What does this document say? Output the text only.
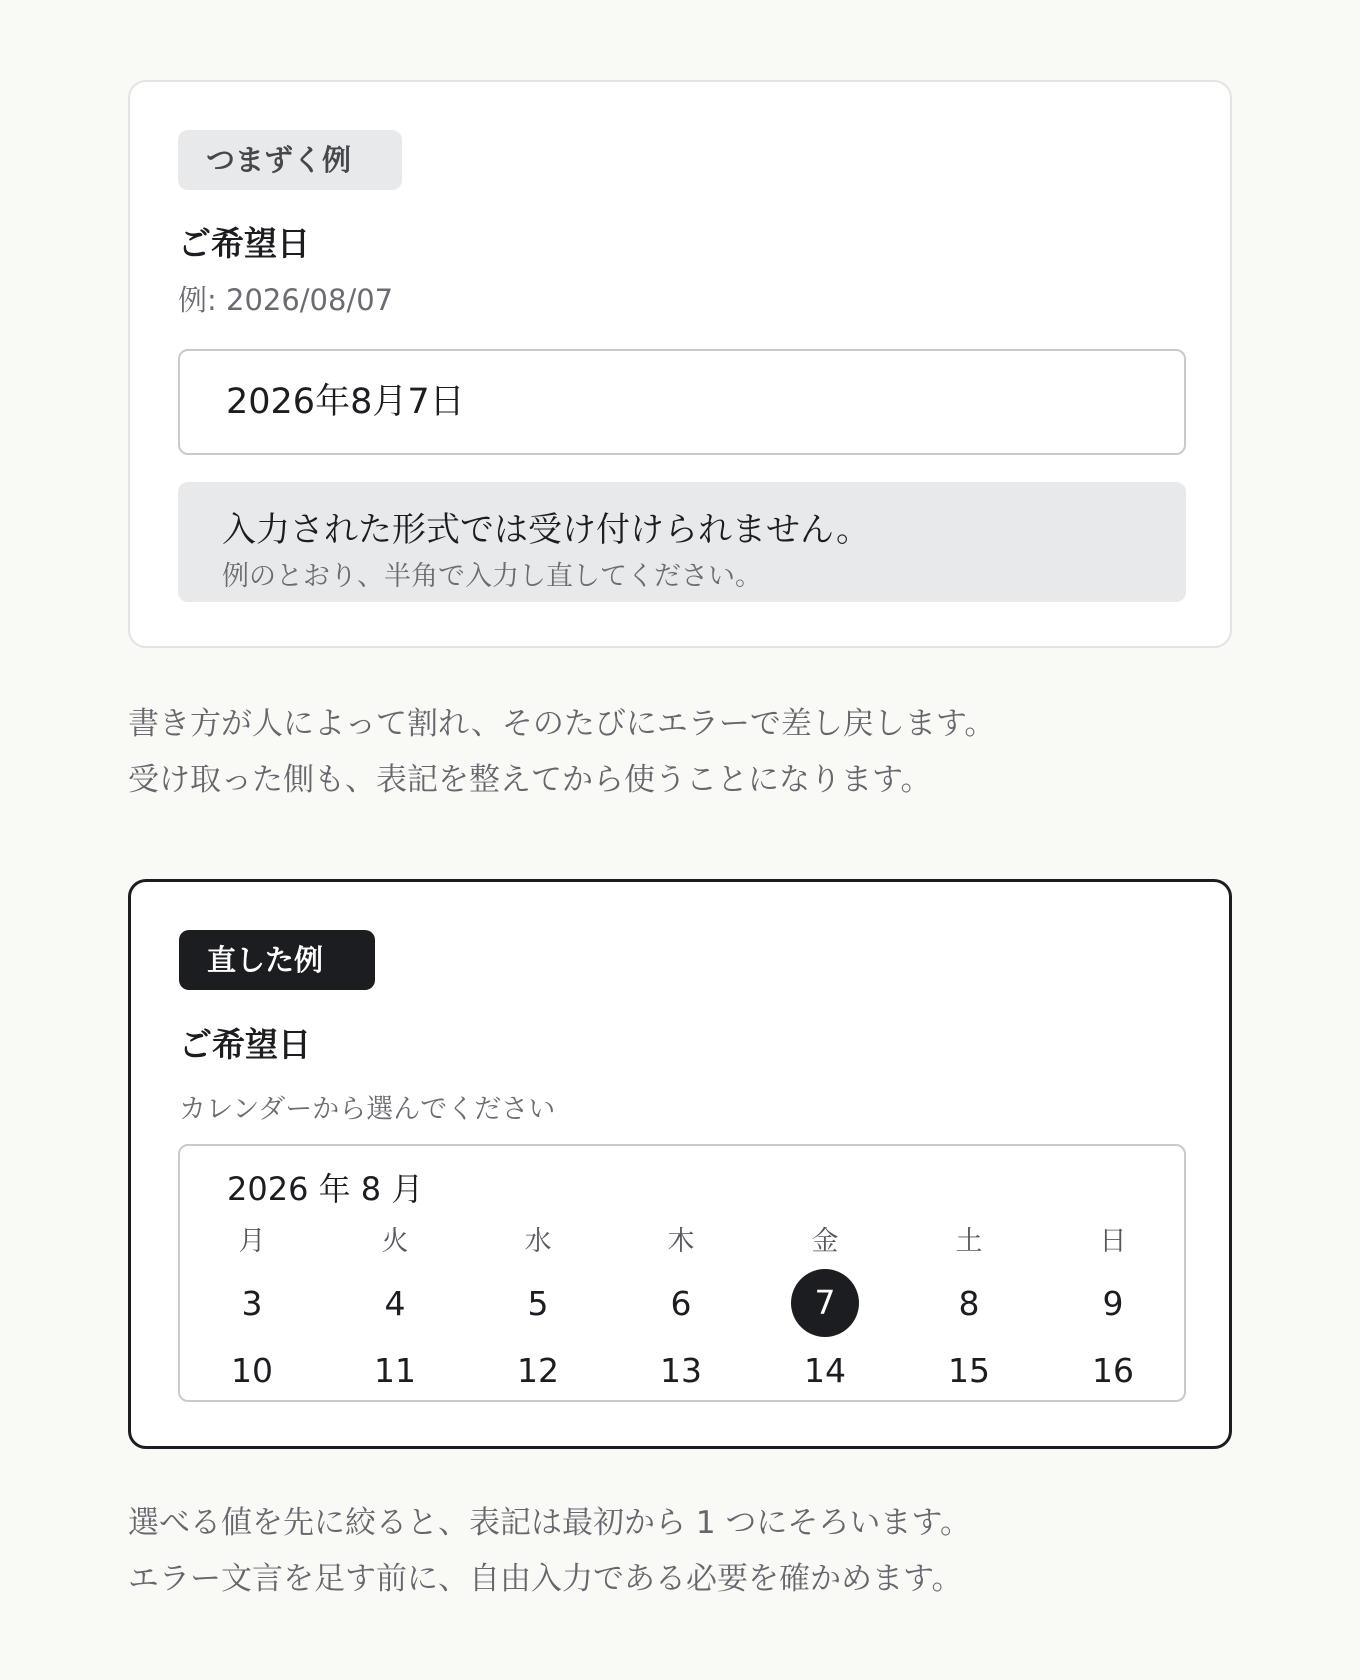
つまずく例
ご希望日
例: 2026/08/07
2026年8月7日
入力された形式では受け付けられません。
例のとおり、半角で入力し直してください。
書き方が人によって割れ、そのたびにエラーで差し戻します。
受け取った側も、表記を整えてから使うことになります。
直した例
ご希望日
カレンダーから選んでください
2026 年 8 月
月	火	水	木	金	土	日
3	4	5	6	7	8	9
10	11	12	13	14	15	16
選べる値を先に絞ると、表記は最初から 1 つにそろいます。
エラー文言を足す前に、自由入力である必要を確かめます。
